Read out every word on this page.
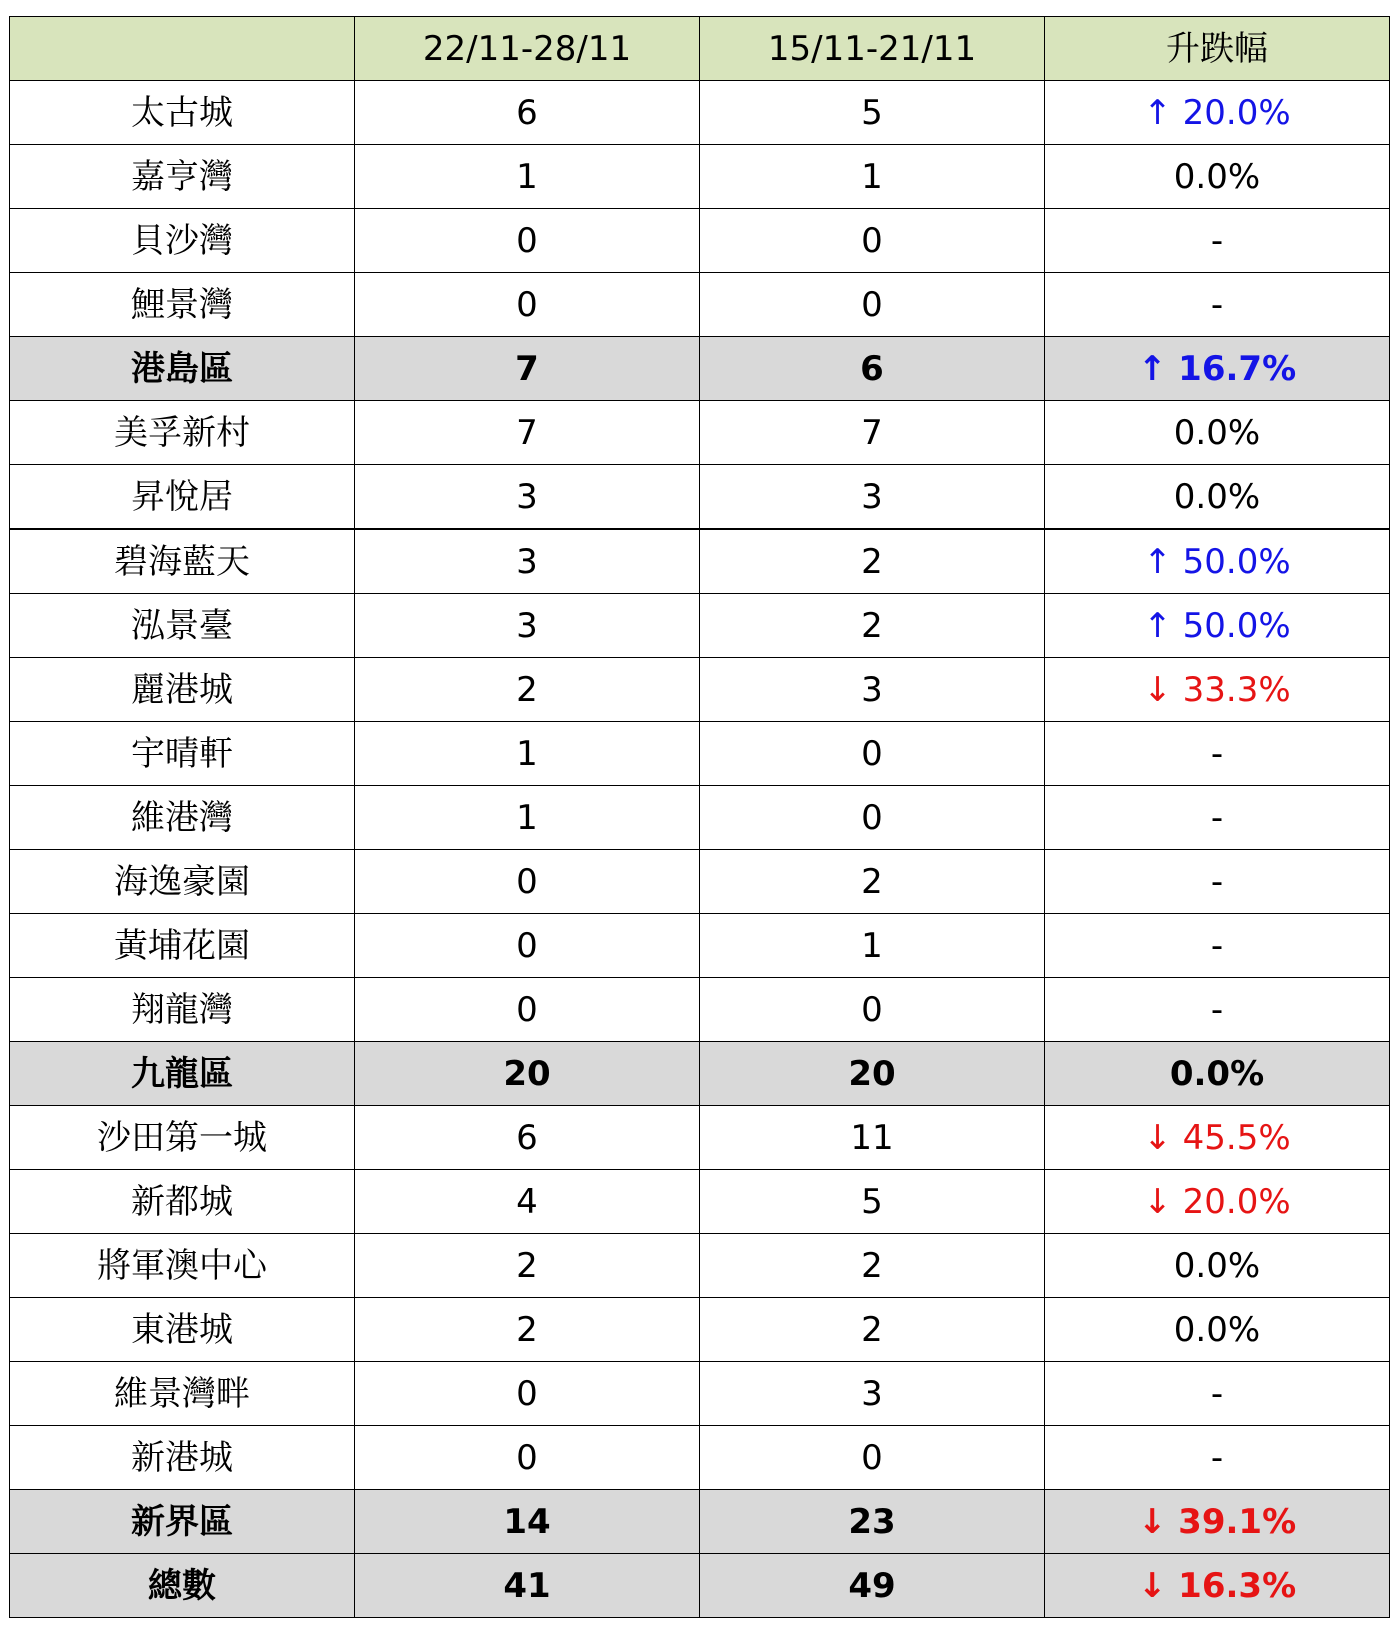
	22/11-28/11	15/11-21/11	升跌幅
太古城	6	5	↑ 20.0%
嘉亨灣	1	1	0.0%
貝沙灣	0	0	-
鯉景灣	0	0	-
港島區	7	6	↑ 16.7%
美孚新村	7	7	0.0%
昇悅居	3	3	0.0%
碧海藍天	3	2	↑ 50.0%
泓景臺	3	2	↑ 50.0%
麗港城	2	3	↓ 33.3%
宇晴軒	1	0	-
維港灣	1	0	-
海逸豪園	0	2	-
黃埔花園	0	1	-
翔龍灣	0	0	-
九龍區	20	20	0.0%
沙田第一城	6	11	↓ 45.5%
新都城	4	5	↓ 20.0%
將軍澳中心	2	2	0.0%
東港城	2	2	0.0%
維景灣畔	0	3	-
新港城	0	0	-
新界區	14	23	↓ 39.1%
總數	41	49	↓ 16.3%
